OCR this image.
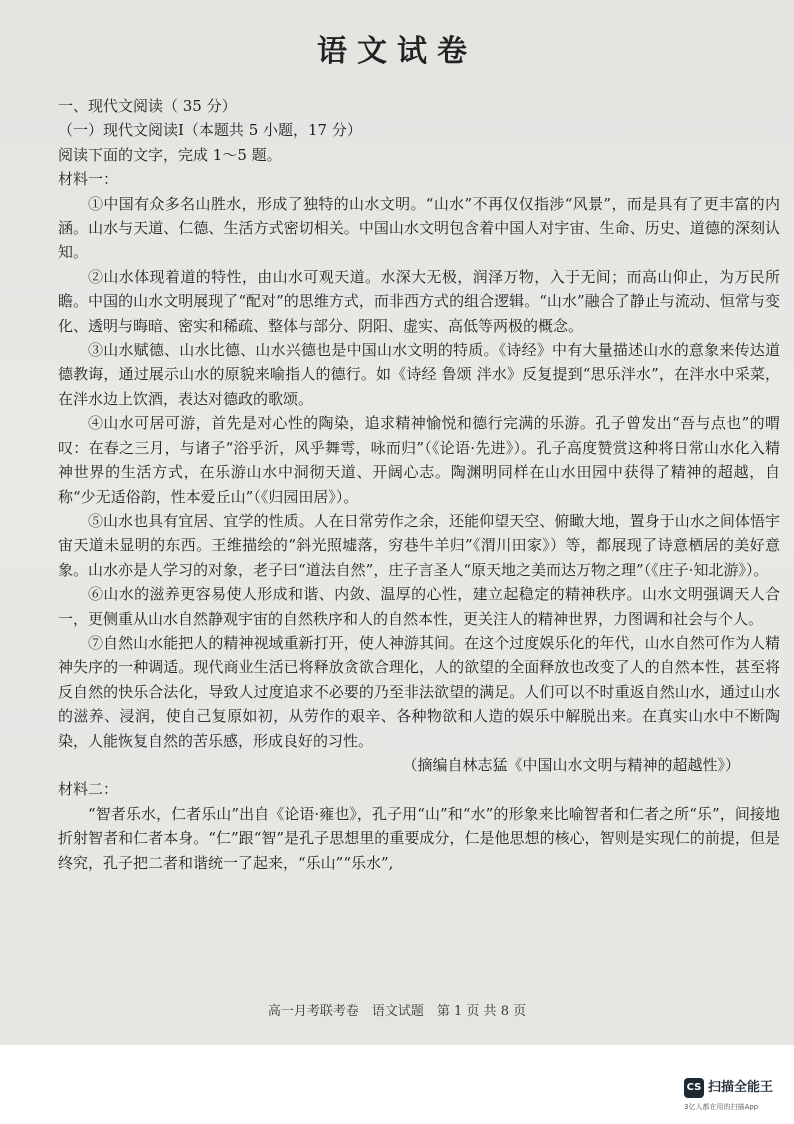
语文试卷
一、现代文阅读（ 35 分）
（一）现代文阅读Ⅰ（本题共 5 小题，17 分）
阅读下面的文字，完成 1～5 题。
材料一：

①中国有众多名山胜水，形成了独特的山水文明。“山水”不再仅仅指涉“风景”，而是具有了更丰富的内涵。山水与天道、仁德、生活方式密切相关。中国山水文明包含着中国人对宇宙、生命、历史、道德的深刻认知。

②山水体现着道的特性，由山水可观天道。水深大无极，润泽万物，入于无间；而高山仰止，为万民所瞻。中国的山水文明展现了“配对”的思维方式，而非西方式的组合逻辑。“山水”融合了静止与流动、恒常与变化、透明与晦暗、密实和稀疏、整体与部分、阴阳、虚实、高低等两极的概念。

③山水赋德、山水比德、山水兴德也是中国山水文明的特质。《诗经》中有大量描述山水的意象来传达道德教诲，通过展示山水的原貌来喻指人的德行。如《诗经 鲁颂 泮水》反复提到“思乐泮水”，在泮水中采菜，在泮水边上饮酒，表达对德政的歌颂。

④山水可居可游，首先是对心性的陶染，追求精神愉悦和德行完满的乐游。孔子曾发出“吾与点也”的喟叹：在春之三月，与诸子“浴乎沂，风乎舞雩，咏而归”（《论语·先进》）。孔子高度赞赏这种将日常山水化入精神世界的生活方式，在乐游山水中洞彻天道、开阔心志。陶渊明同样在山水田园中获得了精神的超越，自称“少无适俗韵，性本爱丘山”（《归园田居》）。

⑤山水也具有宜居、宜学的性质。人在日常劳作之余，还能仰望天空、俯瞰大地，置身于山水之间体悟宇宙天道未显明的东西。王维描绘的“斜光照墟落，穷巷牛羊归”《渭川田家》）等，都展现了诗意栖居的美好意象。山水亦是人学习的对象，老子曰“道法自然”，庄子言圣人“原天地之美而达万物之理”（《庄子·知北游》）。

⑥山水的滋养更容易使人形成和谐、内敛、温厚的心性，建立起稳定的精神秩序。山水文明强调天人合一，更侧重从山水自然静观宇宙的自然秩序和人的自然本性，更关注人的精神世界，力图调和社会与个人。

⑦自然山水能把人的精神视域重新打开，使人神游其间。在这个过度娱乐化的年代，山水自然可作为人精神失序的一种调适。现代商业生活已将释放贪欲合理化，人的欲望的全面释放也改变了人的自然本性，甚至将反自然的快乐合法化，导致人过度追求不必要的乃至非法欲望的满足。人们可以不时重返自然山水，通过山水的滋养、浸润，使自己复原如初，从劳作的艰辛、各种物欲和人造的娱乐中解脱出来。在真实山水中不断陶染，人能恢复自然的苦乐感，形成良好的习性。

（摘编自林志猛《中国山水文明与精神的超越性》）

材料二：

“智者乐水，仁者乐山”出自《论语·雍也》，孔子用“山”和“水”的形象来比喻智者和仁者之所“乐”，间接地折射智者和仁者本身。“仁”跟“智”是孔子思想里的重要成分，仁是他思想的核心，智则是实现仁的前提，但是终究，孔子把二者和谐统一了起来，“乐山”“乐水”,

高一月考联考卷　语文试题　第 1 页 共 8 页
CS 扫描全能王
3亿人都在用的扫描App
